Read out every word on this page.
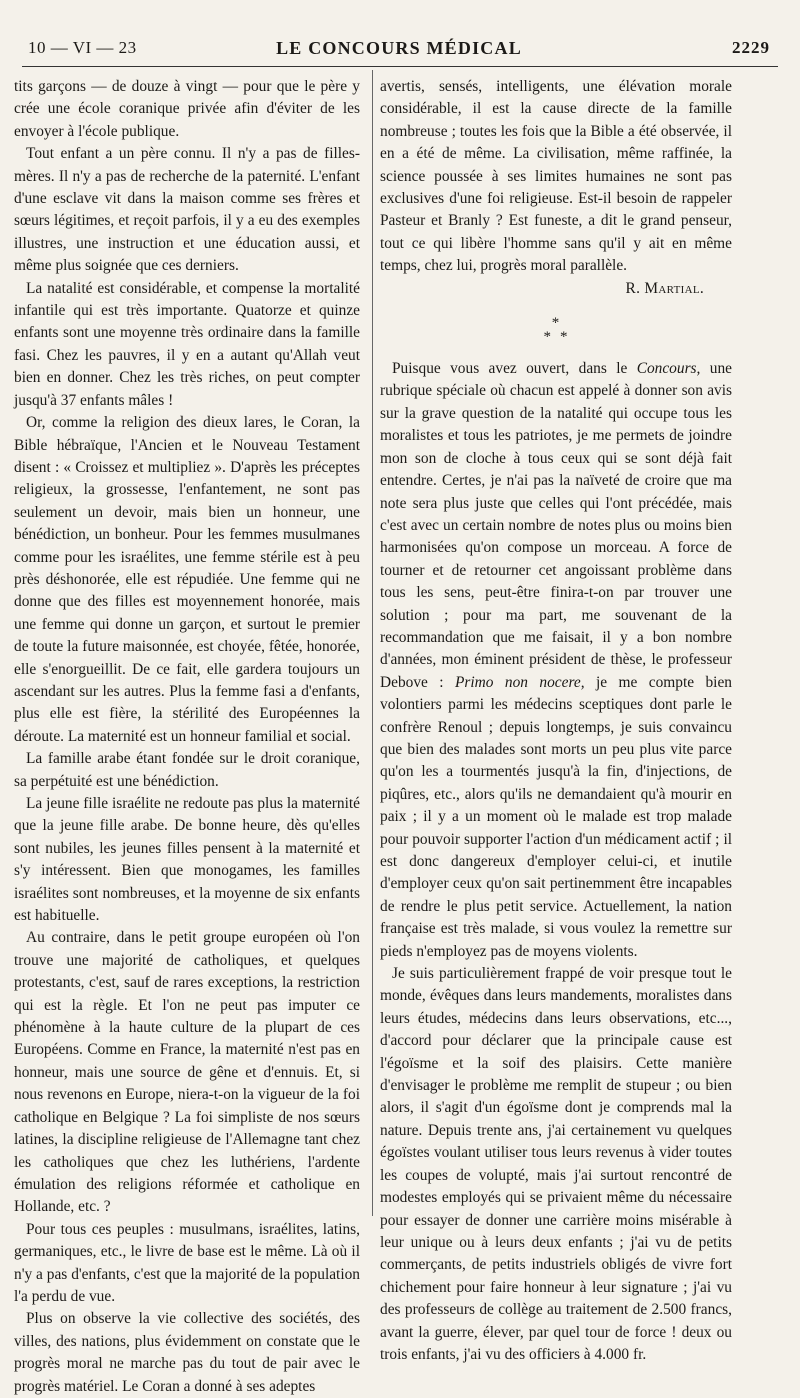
10 — VI — 23	LE CONCOURS MÉDICAL	2229

tits garçons — de douze à vingt — pour que le père y crée une école coranique privée afin d'éviter de les envoyer à l'école publique.

Tout enfant a un père connu. Il n'y a pas de filles-mères. Il n'y a pas de recherche de la paternité. L'enfant d'une esclave vit dans la maison comme ses frères et sœurs légitimes, et reçoit parfois, il y a eu des exemples illustres, une instruction et une éducation aussi, et même plus soignée que ces derniers.

La natalité est considérable, et compense la mortalité infantile qui est très importante. Quatorze et quinze enfants sont une moyenne très ordinaire dans la famille fasi. Chez les pauvres, il y en a autant qu'Allah veut bien en donner. Chez les très riches, on peut compter jusqu'à 37 enfants mâles !

Or, comme la religion des dieux lares, le Coran, la Bible hébraïque, l'Ancien et le Nouveau Testament disent : « Croissez et multipliez ». D'après les préceptes religieux, la grossesse, l'enfantement, ne sont pas seulement un devoir, mais bien un honneur, une bénédiction, un bonheur. Pour les femmes musulmanes comme pour les israélites, une femme stérile est à peu près déshonorée, elle est répudiée. Une femme qui ne donne que des filles est moyennement honorée, mais une femme qui donne un garçon, et surtout le premier de toute la future maisonnée, est choyée, fêtée, honorée, elle s'enorgueillit. De ce fait, elle gardera toujours un ascendant sur les autres. Plus la femme fasi a d'enfants, plus elle est fière, la stérilité des Européennes la déroute. La maternité est un honneur familial et social.

La famille arabe étant fondée sur le droit coranique, sa perpétuité est une bénédiction.

La jeune fille israélite ne redoute pas plus la maternité que la jeune fille arabe. De bonne heure, dès qu'elles sont nubiles, les jeunes filles pensent à la maternité et s'y intéressent. Bien que monogames, les familles israélites sont nombreuses, et la moyenne de six enfants est habituelle.

Au contraire, dans le petit groupe européen où l'on trouve une majorité de catholiques, et quelques protestants, c'est, sauf de rares exceptions, la restriction qui est la règle. Et l'on ne peut pas imputer ce phénomène à la haute culture de la plupart de ces Européens. Comme en France, la maternité n'est pas en honneur, mais une source de gêne et d'ennuis. Et, si nous revenons en Europe, niera-t-on la vigueur de la foi catholique en Belgique ? La foi simpliste de nos sœurs latines, la discipline religieuse de l'Allemagne tant chez les catholiques que chez les luthériens, l'ardente émulation des religions réformée et catholique en Hollande, etc. ?

Pour tous ces peuples : musulmans, israélites, latins, germaniques, etc., le livre de base est le même. Là où il n'y a pas d'enfants, c'est que la majorité de la population l'a perdu de vue.

Plus on observe la vie collective des sociétés, des villes, des nations, plus évidemment on constate que le progrès moral ne marche pas du tout de pair avec le progrès matériel. Le Coran a donné à ses adeptes

avertis, sensés, intelligents, une élévation morale considérable, il est la cause directe de la famille nombreuse ; toutes les fois que la Bible a été observée, il en a été de même. La civilisation, même raffinée, la science poussée à ses limites humaines ne sont pas exclusives d'une foi religieuse. Est-il besoin de rappeler Pasteur et Branly ? Est funeste, a dit le grand penseur, tout ce qui libère l'homme sans qu'il y ait en même temps, chez lui, progrès moral parallèle.

R. Martial.
*
*  *

Puisque vous avez ouvert, dans le Concours, une rubrique spéciale où chacun est appelé à donner son avis sur la grave question de la natalité qui occupe tous les moralistes et tous les patriotes, je me permets de joindre mon son de cloche à tous ceux qui se sont déjà fait entendre. Certes, je n'ai pas la naïveté de croire que ma note sera plus juste que celles qui l'ont précédée, mais c'est avec un certain nombre de notes plus ou moins bien harmonisées qu'on compose un morceau. A force de tourner et de retourner cet angoissant problème dans tous les sens, peut-être finira-t-on par trouver une solution ; pour ma part, me souvenant de la recommandation que me faisait, il y a bon nombre d'années, mon éminent président de thèse, le professeur Debove : Primo non nocere, je me compte bien volontiers parmi les médecins sceptiques dont parle le confrère Renoul ; depuis longtemps, je suis convaincu que bien des malades sont morts un peu plus vite parce qu'on les a tourmentés jusqu'à la fin, d'injections, de piqûres, etc., alors qu'ils ne demandaient qu'à mourir en paix ; il y a un moment où le malade est trop malade pour pouvoir supporter l'action d'un médicament actif ; il est donc dangereux d'employer celui-ci, et inutile d'employer ceux qu'on sait pertinemment être incapables de rendre le plus petit service. Actuellement, la nation française est très malade, si vous voulez la remettre sur pieds n'employez pas de moyens violents.

Je suis particulièrement frappé de voir presque tout le monde, évêques dans leurs mandements, moralistes dans leurs études, médecins dans leurs observations, etc..., d'accord pour déclarer que la principale cause est l'égoïsme et la soif des plaisirs. Cette manière d'envisager le problème me remplit de stupeur ; ou bien alors, il s'agit d'un égoïsme dont je comprends mal la nature. Depuis trente ans, j'ai certainement vu quelques égoïstes voulant utiliser tous leurs revenus à vider toutes les coupes de volupté, mais j'ai surtout rencontré de modestes employés qui se privaient même du nécessaire pour essayer de donner une carrière moins misérable à leur unique ou à leurs deux enfants ; j'ai vu de petits commerçants, de petits industriels obligés de vivre fort chichement pour faire honneur à leur signature ; j'ai vu des professeurs de collège au traitement de 2.500 francs, avant la guerre, élever, par quel tour de force ! deux ou trois enfants, j'ai vu des officiers à 4.000 fr.
